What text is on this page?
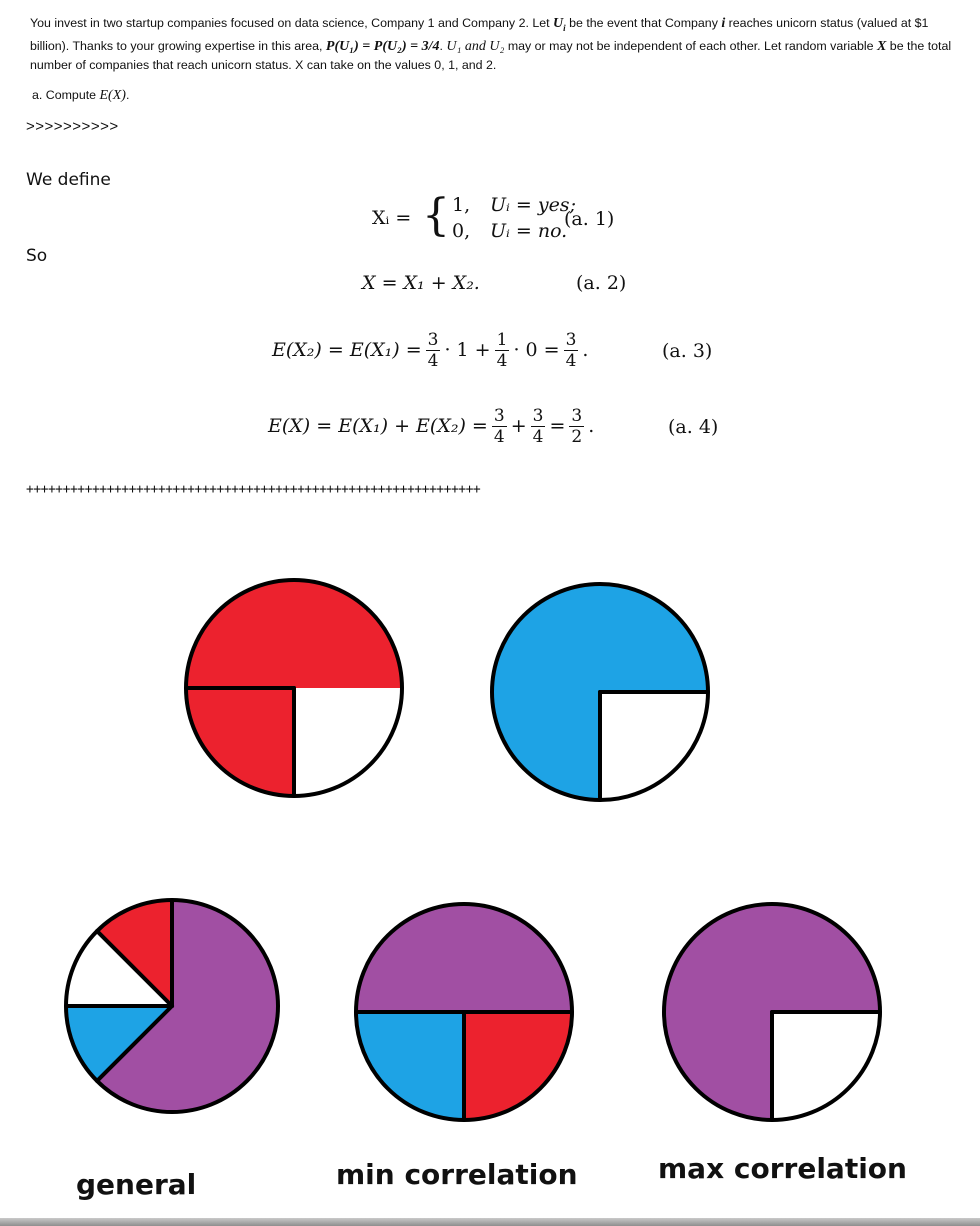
You invest in two startup companies focused on data science, Company 1 and Company 2. Let $U_i$ be the event that Company i reaches unicorn status (valued at $1 billion). Thanks to your growing expertise in this area, P(U₁) = P(U₂) = 3/4. U₁ and U₂ may or may not be independent of each other. Let random variable X be the total number of companies that reach unicorn status. X can take on the values 0, 1, and 2.
a. Compute E(X).
>>>>>>>>>>
We define
So
Xᵢ = { 1, Uᵢ = yes;
0, Uᵢ = no.
(a. 1)
X = X₁ + X₂.	(a. 2)
$E(X_2) = E(X_1) = \frac{3}{4} \cdot 1 + \frac{1}{4} \cdot 0 = \frac{3}{4}$ .	(a. 3)
$E(X) = E(X_1) + E(X_2) = \frac{3}{4} + \frac{3}{4} = \frac{3}{2}$ .	(a. 4)
++++++++++++++++++++++++++++++++++++++++++++++++++++++++++++++
general	min correlation	max correlation
